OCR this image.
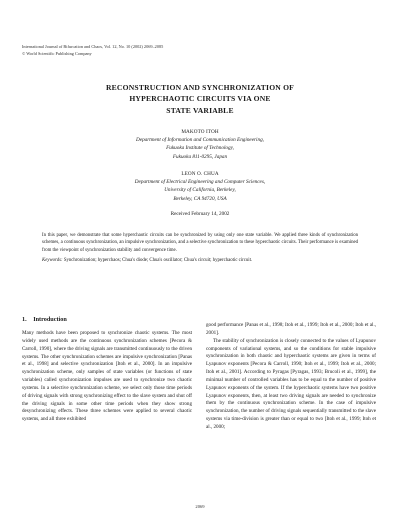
International Journal of Bifurcation and Chaos, Vol. 12, No. 10 (2002) 2069–2085
© World Scientific Publishing Company
RECONSTRUCTION AND SYNCHRONIZATION OF
HYPERCHAOTIC CIRCUITS VIA ONE
STATE VARIABLE
MAKOTO ITOH
Department of Information and Communication Engineering,
Fukuoka Institute of Technology,
Fukuoka 811-0295, Japan
LEON O. CHUA
Department of Electrical Engineering and Computer Sciences,
University of California, Berkeley,
Berkeley, CA 94720, USA
Received February 14, 2002
In this paper, we demonstrate that some hyperchaotic circuits can be synchronized by using only one state variable. We applied three kinds of synchronization schemes, a continuous synchronization, an impulsive synchronization, and a selective synchronization to these hyperchaotic circuits. Their performance is examined from the viewpoint of synchronization stability and convergence time.
Keywords: Synchronization; hyperchaos; Chua's diode; Chua's oscillator; Chua's circuit; hyperchaotic circuit.
1. Introduction

Many methods have been proposed to synchronize chaotic systems. The most widely used methods are the continuous synchronization schemes [Pecora & Carroll, 1990], where the driving signals are transmitted continuously to the driven systems. The other synchronization schemes are impulsive synchronization [Panas et al., 1998] and selective synchronization [Itoh et al., 2000]. In an impulsive synchronization scheme, only samples of state variables (or functions of state variables) called synchronization impulses are used to synchronize two chaotic systems. In a selective synchronization scheme, we select only those time periods of driving signals with strong synchronizing effect to the slave system and shut off the driving signals in some other time periods when they show strong desynchronizing effects. These three schemes were applied to several chaotic systems, and all three exhibited

good performance [Panas et al., 1998; Itoh et al., 1999; Itoh et al., 2000; Itoh et al., 2001].

The stability of synchronization is closely connected to the values of Lyapunov components of variational systems, and so the conditions for stable impulsive synchronization in both chaotic and hyperchaotic systems are given in terms of Lyapunov exponents [Pecora & Carroll, 1990; Itoh et al., 1999; Itoh et al., 2000; Itoh et al., 2001]. According to Pyragas [Pyragas, 1993; Brucoli et al., 1999], the minimal number of controlled variables has to be equal to the number of positive Lyapunov exponents of the system. If the hyperchaotic systems have two positive Lyapunov exponents, then, at least two driving signals are needed to synchronize them by the continuous synchronization scheme. In the case of impulsive synchronization, the number of driving signals sequentially transmitted to the slave systems via time-division is greater than or equal to two [Itoh et al., 1999; Itoh et al., 2000;

2069
